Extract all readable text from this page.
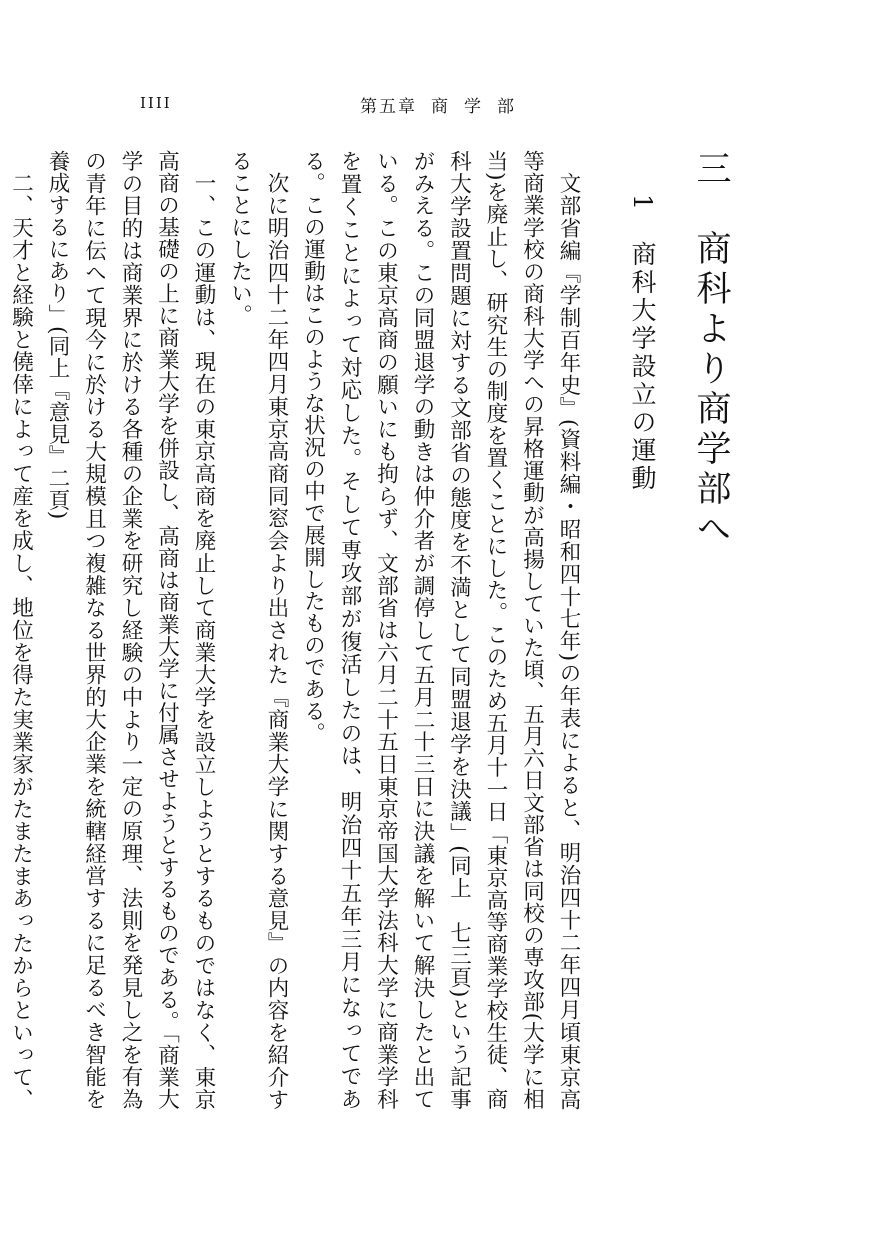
IIII	第五章 商 学 部
三　商科より商学部へ
1　商科大学設立の運動

文部省編『学制百年史』(資料編・昭和四十七年)の年表によると、明治四十二年四月頃東京高等商業学校の商科大学への昇格運動が高揚していた頃、五月六日文部省は同校の専攻部(大学に相当)を廃止し、研究生の制度を置くことにした。このため五月十一日「東京高等商業学校生徒、商科大学設置問題に対する文部省の態度を不満として同盟退学を決議」(同上　七三頁)という記事がみえる。この同盟退学の動きは仲介者が調停して五月二十三日に決議を解いて解決したと出ている。この東京高商の願いにも拘らず、文部省は六月二十五日東京帝国大学法科大学に商業学科を置くことによって対応した。そして専攻部が復活したのは、明治四十五年三月になってである。この運動はこのような状況の中で展開したものである。

次に明治四十二年四月東京高商同窓会より出された『商業大学に関する意見』の内容を紹介することにしたい。

一、この運動は、現在の東京高商を廃止して商業大学を設立しようとするものではなく、東京高商の基礎の上に商業大学を併設し、高商は商業大学に付属させようとするものである。「商業大学の目的は商業界に於ける各種の企業を研究し経験の中より一定の原理、法則を発見し之を有為の青年に伝へて現今に於ける大規模且つ複雑なる世界的大企業を統轄経営するに足るべき智能を養成するにあり」(同上『意見』二頁)

二、天才と経験と僥倖によって産を成し、地位を得た実業家がたまたまあったからといって、
